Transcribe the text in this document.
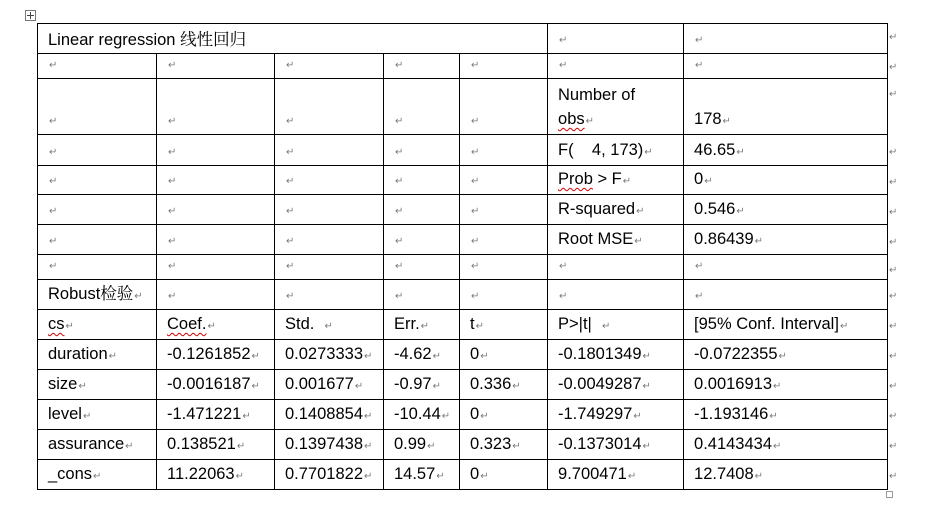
Linear regression 线性回归					↵	↵
↵	↵	↵	↵	↵	↵	↵
↵	↵	↵	↵	↵	Number of
obs↵	178↵
↵	↵	↵	↵	↵	F(    4, 173)↵	46.65↵
↵	↵	↵	↵	↵	Prob > F↵	0↵
↵	↵	↵	↵	↵	R-squared↵	0.546↵
↵	↵	↵	↵	↵	Root MSE↵	0.86439↵
↵	↵	↵	↵	↵	↵	↵
Robust检验↵	↵	↵	↵	↵	↵	↵
cs↵	Coef.↵	Std.  ↵	Err.↵	t↵	P>|t|  ↵	[95% Conf. Interval]↵
duration↵	-0.1261852↵	0.0273333↵	-4.62↵	0↵	-0.1801349↵	-0.0722355↵
size↵	-0.0016187↵	0.001677↵	-0.97↵	0.336↵	-0.0049287↵	0.0016913↵
level↵	-1.471221↵	0.1408854↵	-10.44↵	0↵	-1.749297↵	-1.193146↵
assurance↵	0.138521↵	0.1397438↵	0.99↵	0.323↵	-0.1373014↵	0.4143434↵
_cons↵	11.22063↵	0.7701822↵	14.57↵	0↵	9.700471↵	12.7408↵
↵
↵
↵
↵
↵
↵
↵
↵
↵
↵
↵
↵
↵
↵
↵
